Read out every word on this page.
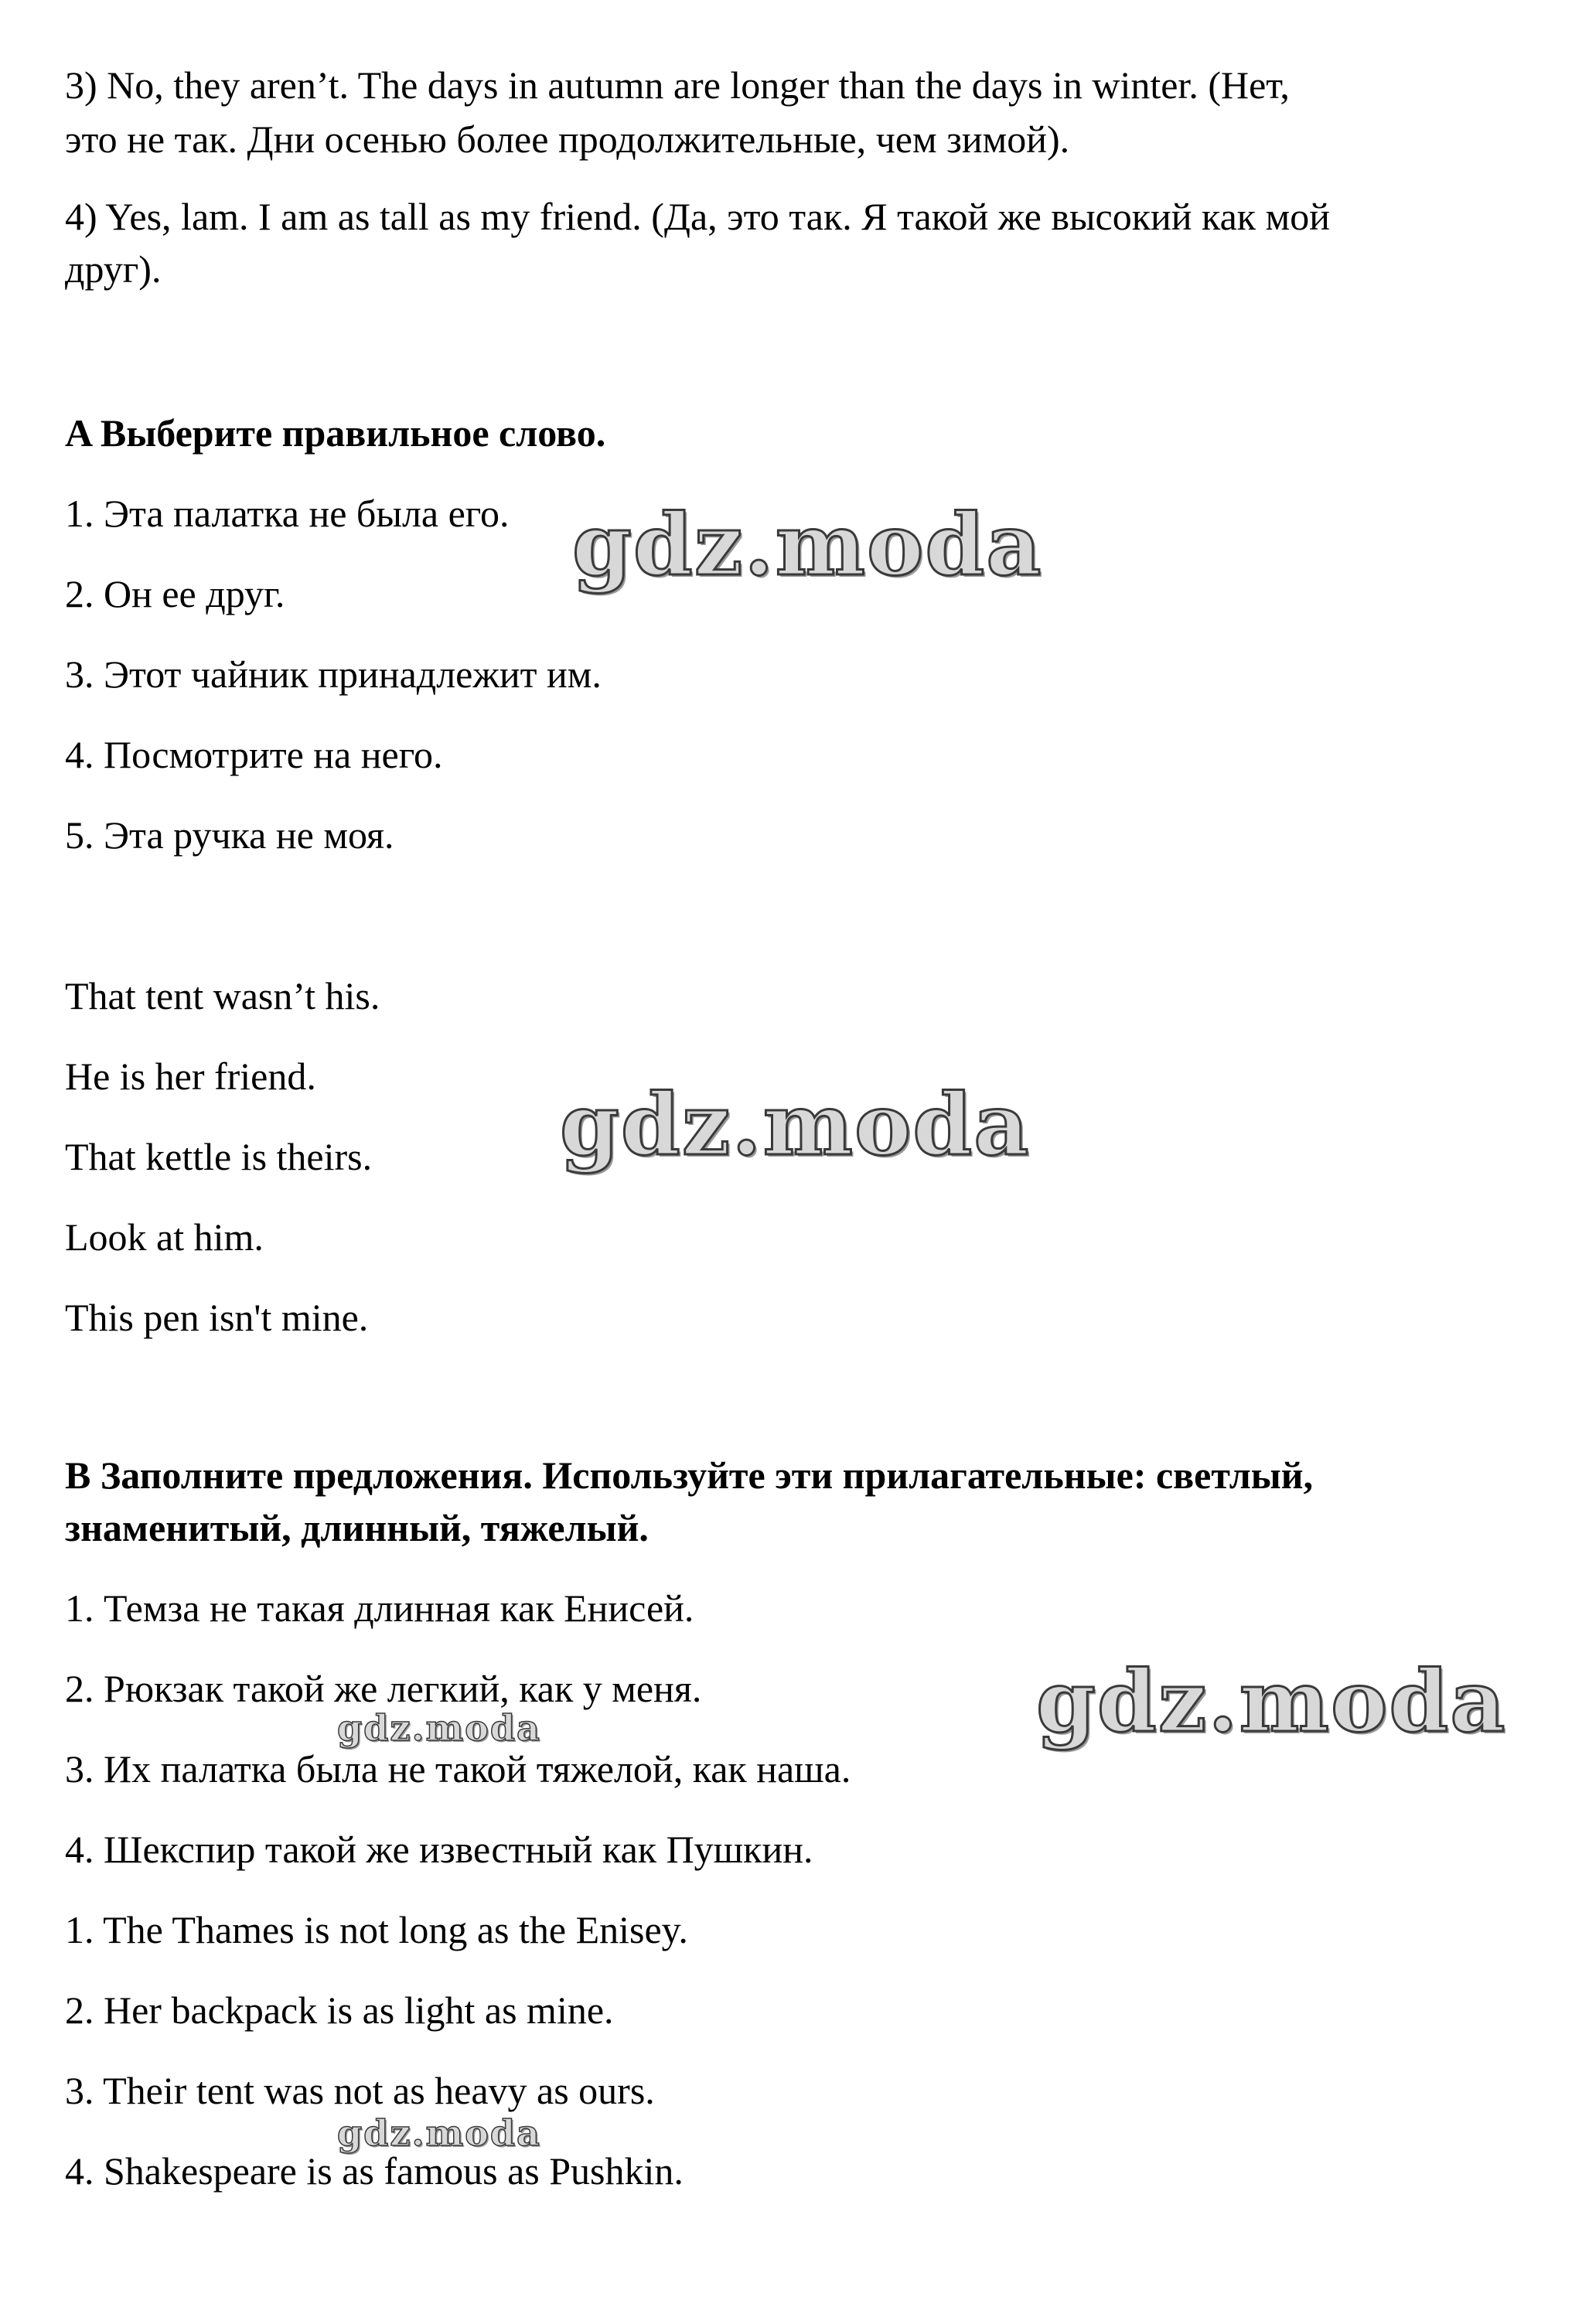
3) No, they aren’t. The days in autumn are longer than the days in winter. (Нет,

это не так. Дни осенью более продолжительные, чем зимой).

4) Yes, lam. I am as tall as my friend. (Да, это так. Я такой же высокий как мой

друг).

A Выберите правильное слово.

1. Эта палатка не была его.

2. Он ее друг.

3. Этот чайник принадлежит им.

4. Посмотрите на него.

5. Эта ручка не моя.

That tent wasn’t his.

He is her friend.

That kettle is theirs.

Look at him.

This pen isn't mine.

B Заполните предложения. Используйте эти прилагательные: светлый,

знаменитый, длинный, тяжелый.

1. Темза не такая длинная как Енисей.

2. Рюкзак такой же легкий, как у меня.

3. Их палатка была не такой тяжелой, как наша.

4. Шекспир такой же известный как Пушкин.

1. The Thames is not long as the Enisey.

2. Her backpack is as light as mine.

3. Their tent was not as heavy as ours.

4. Shakespeare is as famous as Pushkin.

gdz.moda
gdz.moda
gdz.moda
gdz.moda
gdz.moda
